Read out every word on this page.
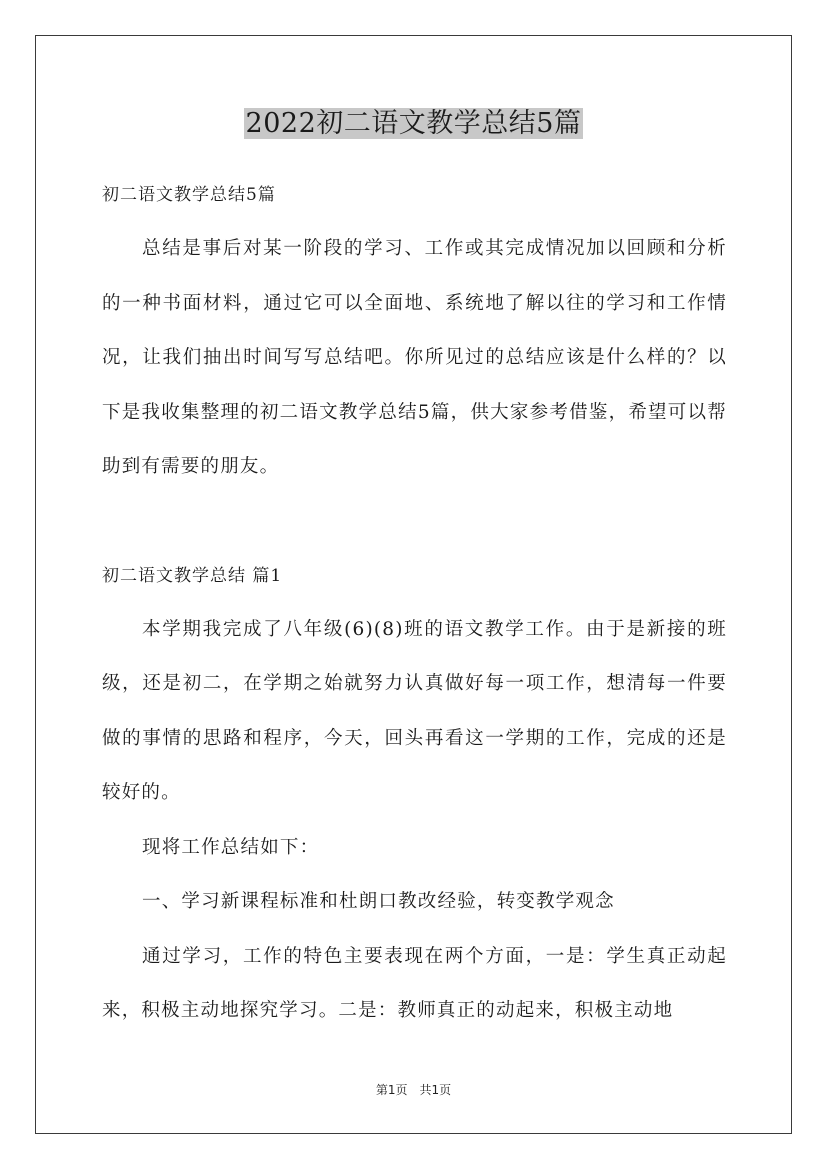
2022初二语文教学总结5篇

初二语文教学总结5篇

总结是事后对某一阶段的学习、工作或其完成情况加以回顾和分析的一种书面材料，通过它可以全面地、系统地了解以往的学习和工作情况，让我们抽出时间写写总结吧。你所见过的总结应该是什么样的？以下是我收集整理的初二语文教学总结5篇，供大家参考借鉴，希望可以帮助到有需要的朋友。

初二语文教学总结 篇1

本学期我完成了八年级(6)(8)班的语文教学工作。由于是新接的班级，还是初二，在学期之始就努力认真做好每一项工作，想清每一件要做的事情的思路和程序，今天，回头再看这一学期的工作，完成的还是较好的。

现将工作总结如下：

一、学习新课程标准和杜朗口教改经验，转变教学观念

通过学习，工作的特色主要表现在两个方面，一是：学生真正动起来，积极主动地探究学习。二是：教师真正的动起来，积极主动地

第1页　共1页
